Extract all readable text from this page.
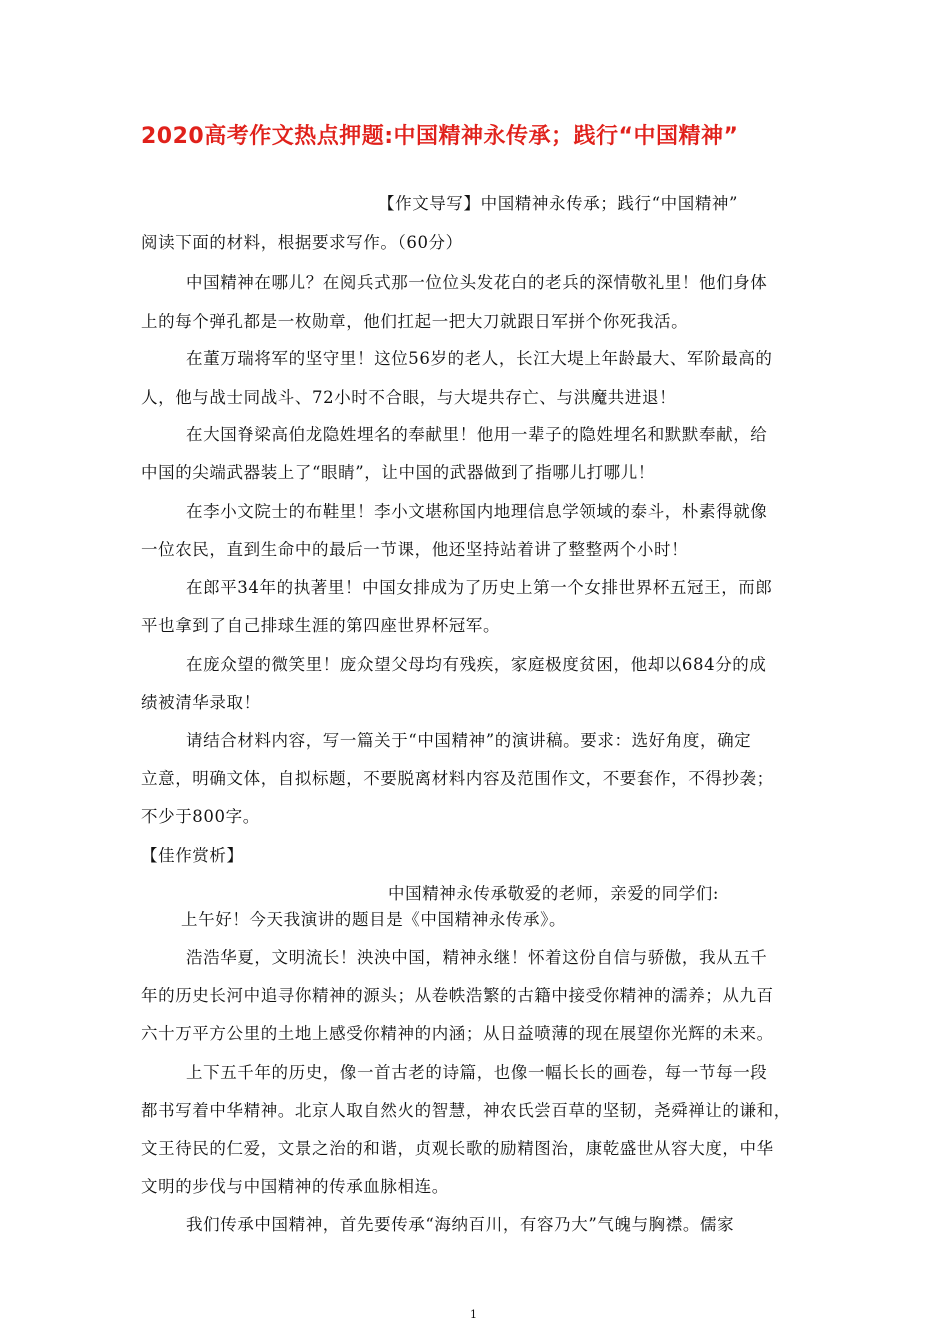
2020高考作文热点押题:中国精神永传承；践行“中国精神”
【作文导写】中国精神永传承；践行“中国精神”
阅读下面的材料，根据要求写作。（60分）
中国精神在哪儿？在阅兵式那一位位头发花白的老兵的深情敬礼里！他们身体
上的每个弹孔都是一枚勋章，他们扛起一把大刀就跟日军拼个你死我活。
在董万瑞将军的坚守里！这位56岁的老人，长江大堤上年龄最大、军阶最高的
人，他与战士同战斗、72小时不合眼，与大堤共存亡、与洪魔共进退！
在大国脊梁高伯龙隐姓埋名的奉献里！他用一辈子的隐姓埋名和默默奉献，给
中国的尖端武器装上了“眼睛”，让中国的武器做到了指哪儿打哪儿！
在李小文院士的布鞋里！李小文堪称国内地理信息学领域的泰斗，朴素得就像
一位农民，直到生命中的最后一节课，他还坚持站着讲了整整两个小时！
在郎平34年的执著里！中国女排成为了历史上第一个女排世界杯五冠王，而郎
平也拿到了自己排球生涯的第四座世界杯冠军。
在庞众望的微笑里！庞众望父母均有残疾，家庭极度贫困，他却以684分的成
绩被清华录取！
请结合材料内容，写一篇关于“中国精神”的演讲稿。要求：选好角度，确定
立意，明确文体，自拟标题，不要脱离材料内容及范围作文，不要套作，不得抄袭；
不少于800字。
【佳作赏析】
中国精神永传承敬爱的老师，亲爱的同学们:
上午好！今天我演讲的题目是《中国精神永传承》。
浩浩华夏，文明流长！泱泱中国，精神永继！怀着这份自信与骄傲，我从五千
年的历史长河中追寻你精神的源头；从卷帙浩繁的古籍中接受你精神的濡养；从九百
六十万平方公里的土地上感受你精神的内涵；从日益喷薄的现在展望你光辉的未来。
上下五千年的历史，像一首古老的诗篇，也像一幅长长的画卷，每一节每一段
都书写着中华精神。北京人取自然火的智慧，神农氏尝百草的坚韧，尧舜禅让的谦和，
文王待民的仁爱，文景之治的和谐，贞观长歌的励精图治，康乾盛世从容大度，中华
文明的步伐与中国精神的传承血脉相连。
我们传承中国精神，首先要传承“海纳百川，有容乃大”气魄与胸襟。儒家
1
